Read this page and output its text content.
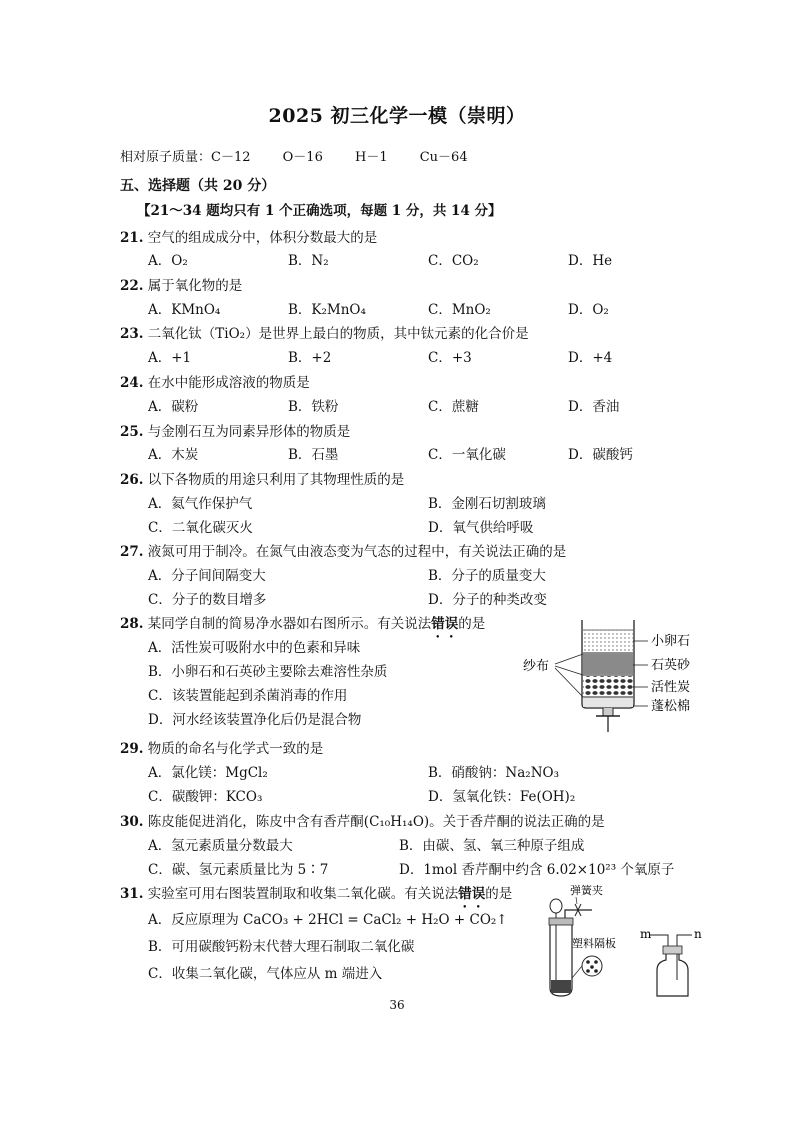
2025 初三化学一模（崇明）
相对原子质量：C－12 O－16 H－1 Cu－64
五、选择题（共 20 分）
【21～34 题均只有 1 个正确选项，每题 1 分，共 14 分】
21. 空气的组成成分中，体积分数最大的是
A．O₂	B．N₂	C．CO₂	D．He
22. 属于氧化物的是
A．KMnO₄	B．K₂MnO₄	C．MnO₂	D．O₂
23. 二氧化钛（TiO₂）是世界上最白的物质，其中钛元素的化合价是
A．+1	B．+2	C．+3	D．+4
24. 在水中能形成溶液的物质是
A．碳粉	B．铁粉	C．蔗糖	D．香油
25. 与金刚石互为同素异形体的物质是
A．木炭	B．石墨	C．一氧化碳	D．碳酸钙
26. 以下各物质的用途只利用了其物理性质的是
A．氦气作保护气	B．金刚石切割玻璃
C．二氧化碳灭火	D．氧气供给呼吸
27. 液氮可用于制冷。在氮气由液态变为气态的过程中，有关说法正确的是
A．分子间间隔变大	B．分子的质量变大
C．分子的数目增多	D．分子的种类改变
28. 某同学自制的简易净水器如右图所示。有关说法错误的是
A．活性炭可吸附水中的色素和异味
B．小卵石和石英砂主要除去难溶性杂质
C．该装置能起到杀菌消毒的作用
D．河水经该装置净化后仍是混合物
小卵石
石英砂
活性炭
蓬松棉
纱布
29. 物质的命名与化学式一致的是
A．氯化镁：MgCl₂	B．硝酸钠：Na₂NO₃
C．碳酸钾：KCO₃	D．氢氧化铁：Fe(OH)₂
30. 陈皮能促进消化，陈皮中含有香芹酮(C₁₀H₁₄O)。关于香芹酮的说法正确的是
A．氢元素质量分数最大	B．由碳、氢、氧三种原子组成
C．碳、氢元素质量比为 5∶7	D．1mol 香芹酮中约含 6.02×10²³ 个氧原子
31. 实验室可用右图装置制取和收集二氧化碳。有关说法错误的是
A．反应原理为 CaCO₃ + 2HCl = CaCl₂ + H₂O + CO₂↑
B．可用碳酸钙粉末代替大理石制取二氧化碳
C．收集二氧化碳，气体应从 m 端进入
弹簧夹
塑料隔板
m	n
36
